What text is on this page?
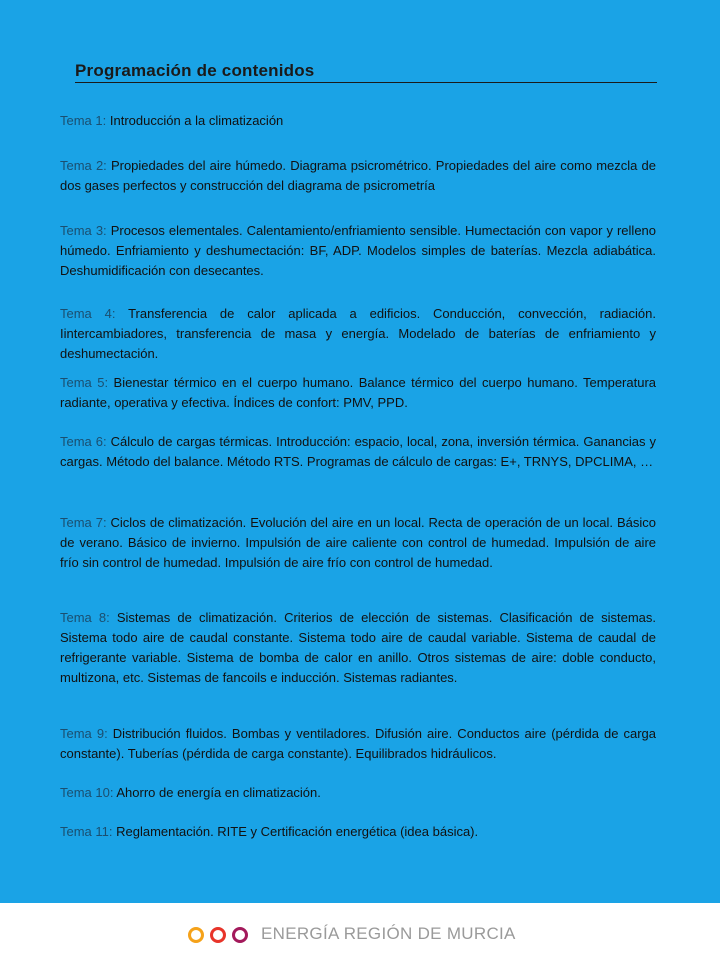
Programación de contenidos

Tema 1: Introducción a la climatización

Tema 2: Propiedades del aire húmedo. Diagrama psicrométrico. Propiedades del aire como mezcla de dos gases perfectos y construcción del diagrama de psicrometría

Tema 3: Procesos elementales. Calentamiento/enfriamiento sensible. Humectación con vapor y relleno húmedo. Enfriamiento y deshumectación: BF, ADP. Modelos simples de baterías. Mezcla adiabática. Deshumidificación con desecantes.

Tema 4: Transferencia de calor aplicada a edificios. Conducción, convección, radiación. Iintercambiadores, transferencia de masa y energía. Modelado de baterías de enfriamiento y deshumectación.

Tema 5: Bienestar térmico en el cuerpo humano. Balance térmico del cuerpo humano. Temperatura radiante, operativa y efectiva. Índices de confort: PMV, PPD.

Tema 6: Cálculo de cargas térmicas. Introducción: espacio, local, zona, inversión térmica. Ganancias y cargas. Método del balance. Método RTS. Programas de cálculo de cargas: E+, TRNYS, DPCLIMA, …

Tema 7: Ciclos de climatización. Evolución del aire en un local. Recta de operación de un local. Básico de verano. Básico de invierno. Impulsión de aire caliente con control de humedad. Impulsión de aire frío sin control de humedad. Impulsión de aire frío con control de humedad.

Tema 8: Sistemas de climatización. Criterios de elección de sistemas. Clasificación de sistemas. Sistema todo aire de caudal constante. Sistema todo aire de caudal variable. Sistema de caudal de refrigerante variable. Sistema de bomba de calor en anillo. Otros sistemas de aire: doble conducto, multizona, etc. Sistemas de fancoils e inducción. Sistemas radiantes.

Tema 9: Distribución fluidos. Bombas y ventiladores. Difusión aire. Conductos aire (pérdida de carga constante). Tuberías (pérdida de carga constante). Equilibrados hidráulicos.

Tema 10: Ahorro de energía en climatización.

Tema 11: Reglamentación. RITE y Certificación energética (idea básica).

ENERGÍA REGIÓN DE MURCIA
